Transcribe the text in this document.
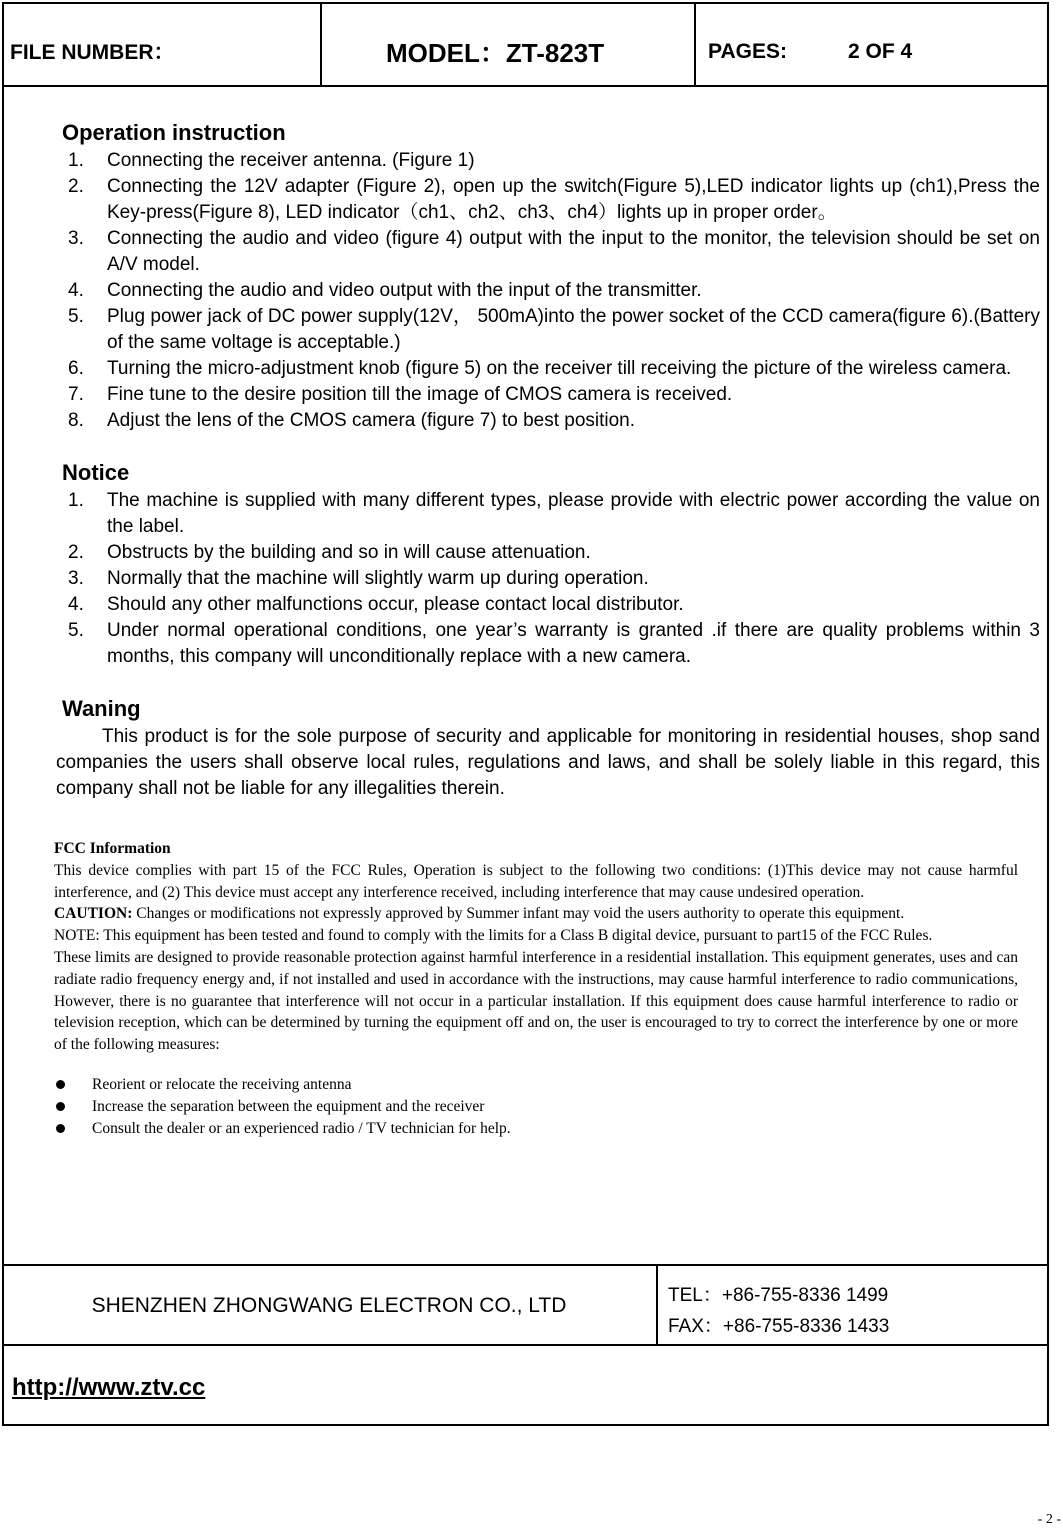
FILE NUMBER：	MODEL：ZT-823T	PAGES:	2 OF 4
Operation instruction
1. Connecting the receiver antenna. (Figure 1)
2. Connecting the 12V adapter (Figure 2), open up the switch(Figure 5),LED indicator lights up (ch1),Press the Key-press(Figure 8), LED indicator（ch1、ch2、ch3、ch4）lights up in proper order。
3. Connecting the audio and video (figure 4) output with the input to the monitor, the television should be set on A/V model.
4. Connecting the audio and video output with the input of the transmitter.
5. Plug power jack of DC power supply(12V， 500mA)into the power socket of the CCD camera(figure 6).(Battery of the same voltage is acceptable.)
6. Turning the micro-adjustment knob (figure 5) on the receiver till receiving the picture of the wireless camera.
7. Fine tune to the desire position till the image of CMOS camera is received.
8. Adjust the lens of the CMOS camera (figure 7) to best position.
Notice
1. The machine is supplied with many different types, please provide with electric power according the value on the label.
2. Obstructs by the building and so in will cause attenuation.
3. Normally that the machine will slightly warm up during operation.
4. Should any other malfunctions occur, please contact local distributor.
5. Under normal operational conditions, one year’s warranty is granted .if there are quality problems within 3 months, this company will unconditionally replace with a new camera.
Waning
This product is for the sole purpose of security and applicable for monitoring in residential houses, shop sand companies the users shall observe local rules, regulations and laws, and shall be solely liable in this regard, this company shall not be liable for any illegalities therein.
FCC Information
This device complies with part 15 of the FCC Rules, Operation is subject to the following two conditions: (1)This device may not cause harmful interference, and (2) This device must accept any interference received, including interference that may cause undesired operation.
CAUTION: Changes or modifications not expressly approved by Summer infant may void the users authority to operate this equipment.
NOTE: This equipment has been tested and found to comply with the limits for a Class B digital device, pursuant to part15 of the FCC Rules.
These limits are designed to provide reasonable protection against harmful interference in a residential installation. This equipment generates, uses and can radiate radio frequency energy and, if not installed and used in accordance with the instructions, may cause harmful interference to radio communications, However, there is no guarantee that interference will not occur in a particular installation. If this equipment does cause harmful interference to radio or television reception, which can be determined by turning the equipment off and on, the user is encouraged to try to correct the interference by one or more of the following measures:
Reorient or relocate the receiving antenna
Increase the separation between the equipment and the receiver
Consult the dealer or an experienced radio / TV technician for help.
SHENZHEN ZHONGWANG ELECTRON CO., LTD	TEL：+86-755-8336 1499
FAX：+86-755-8336 1433
http://www.ztv.cc
- 2 -
